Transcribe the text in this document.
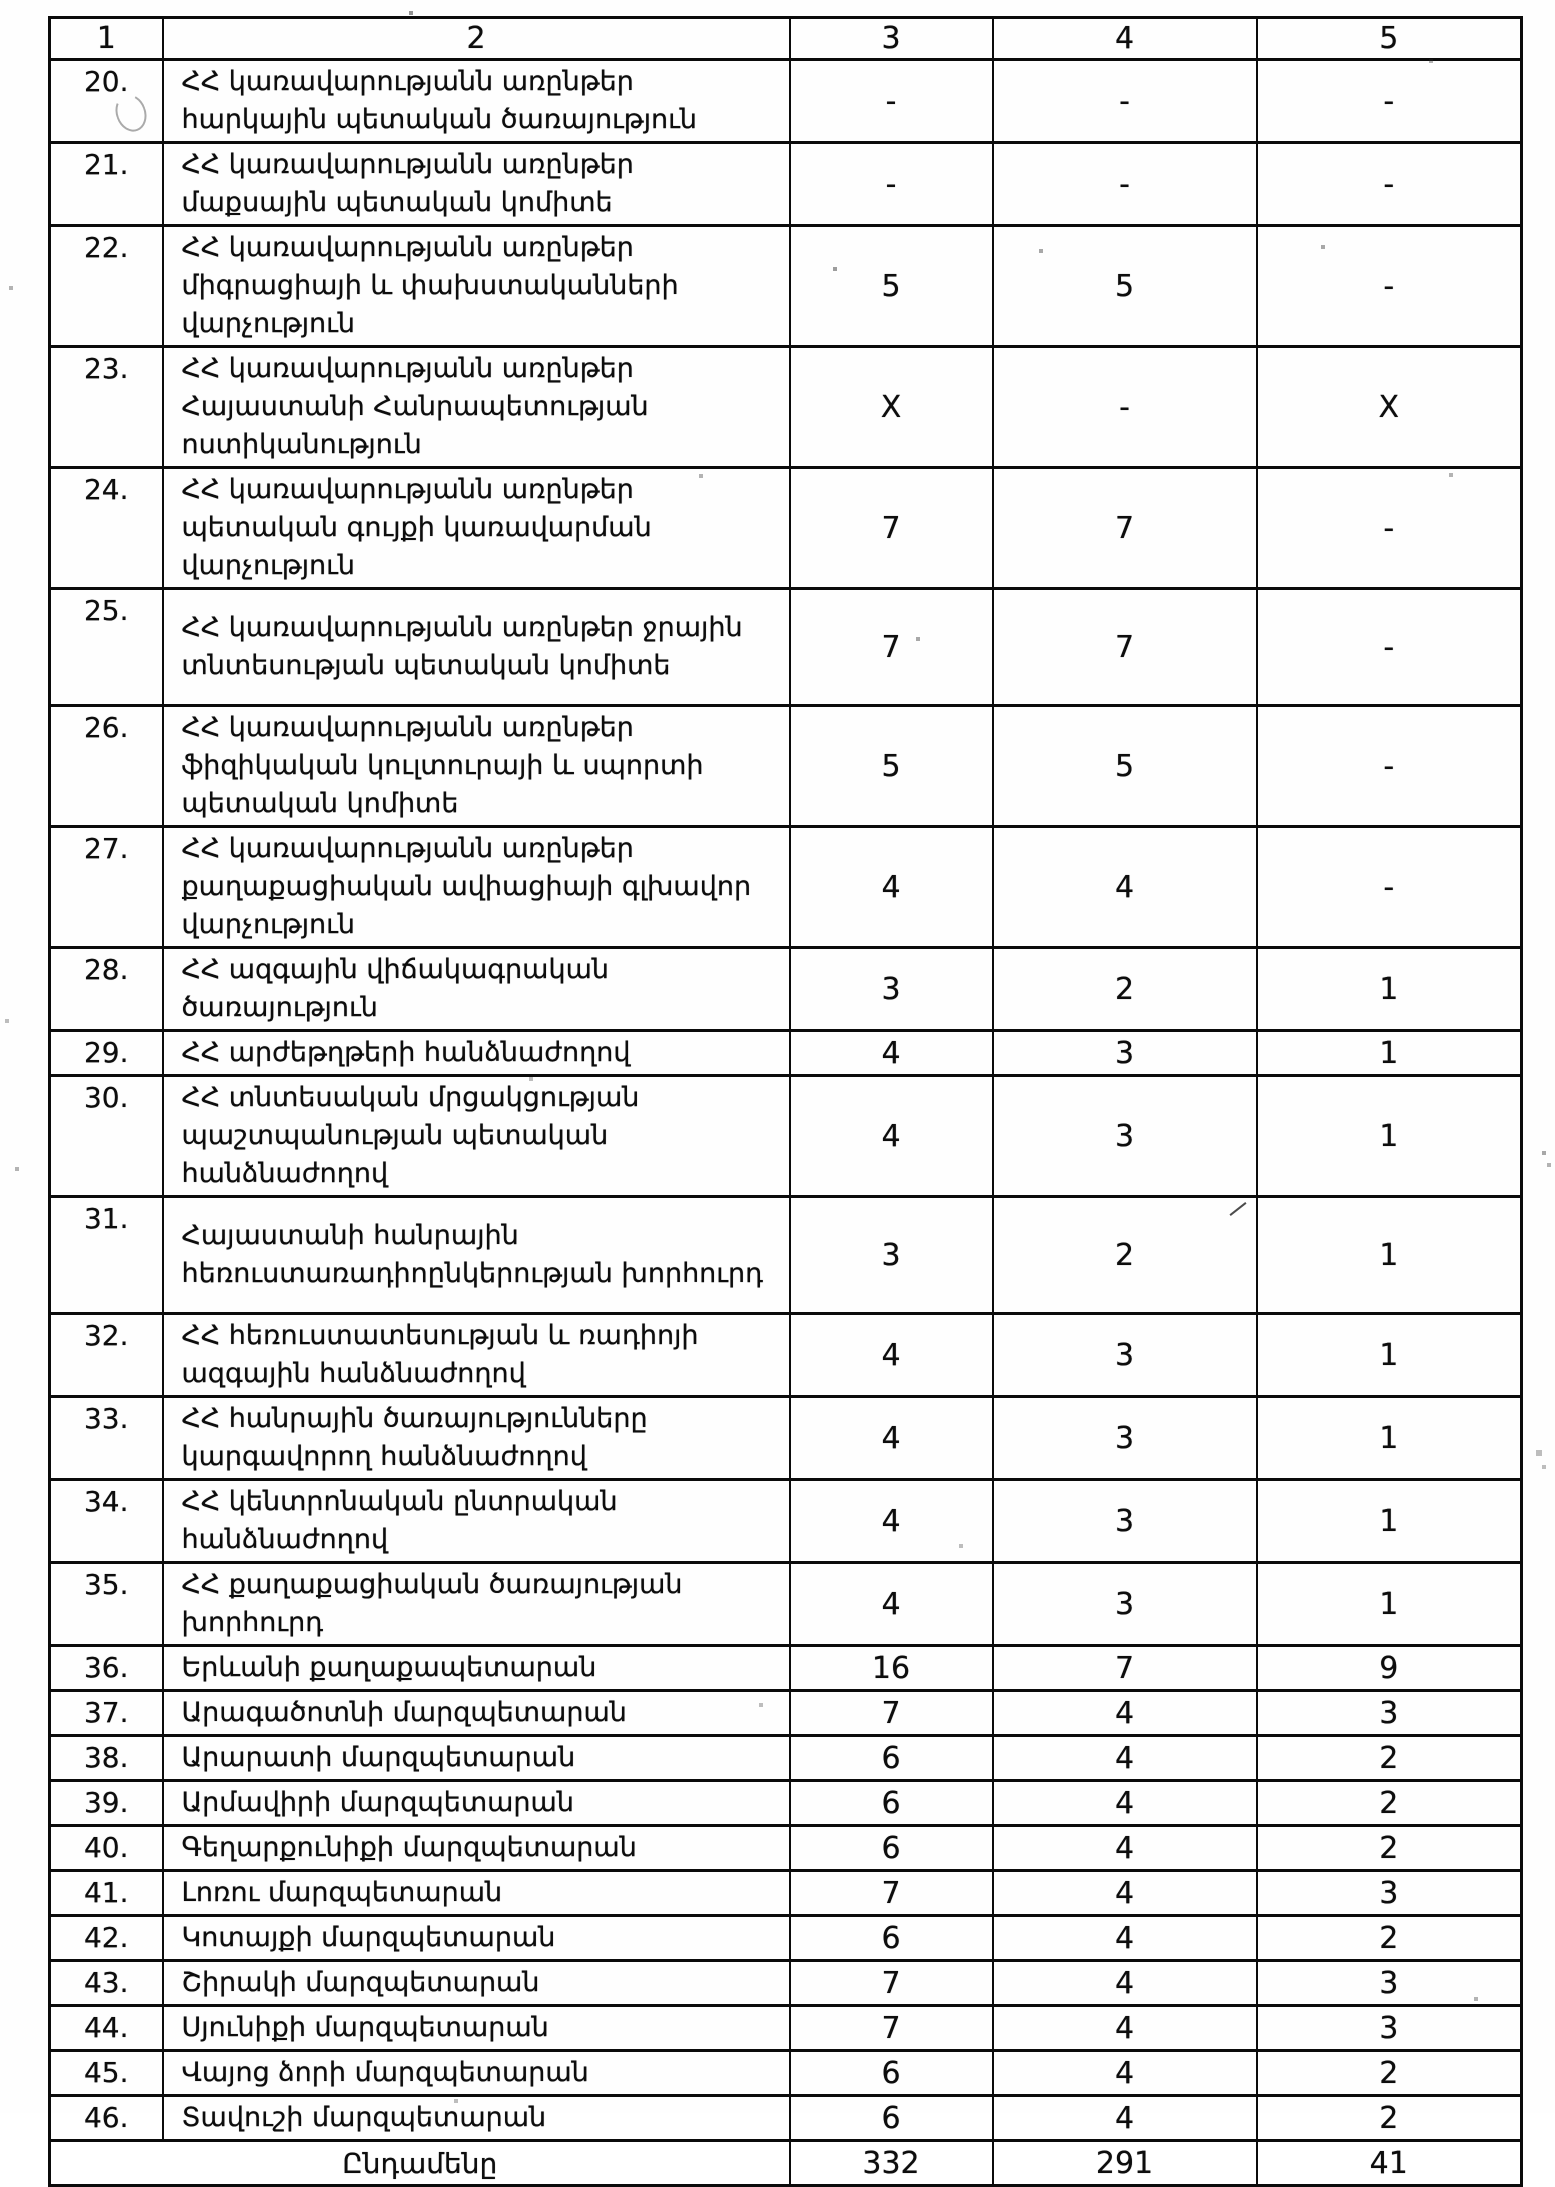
1	2	3	4	5
20.	ՀՀ կառավարությանն առընթեր հարկային պետական ծառայություն	-	-	-
21.	ՀՀ կառավարությանն առընթեր մաքսային պետական կոմիտե	-	-	-
22.	ՀՀ կառավարությանն առընթեր միգրացիայի և փախստականների վարչություն	5	5	-
23.	ՀՀ կառավարությանն առընթեր Հայաստանի Հանրապետության ոստիկանություն	X	-	X
24.	ՀՀ կառավարությանն առընթեր պետական գույքի կառավարման վարչություն	7	7	-
25.	ՀՀ կառավարությանն առընթեր ջրային տնտեսության պետական կոմիտե	7	7	-
26.	ՀՀ կառավարությանն առընթեր ֆիզիկական կուլտուրայի և սպորտի պետական կոմիտե	5	5	-
27.	ՀՀ կառավարությանն առընթեր քաղաքացիական ավիացիայի գլխավոր վարչություն	4	4	-
28.	ՀՀ ազգային վիճակագրական ծառայություն	3	2	1
29.	ՀՀ արժեթղթերի հանձնաժողով	4	3	1
30.	ՀՀ տնտեսական մրցակցության պաշտպանության պետական հանձնաժողով	4	3	1
31.	Հայաստանի հանրային հեռուստառադիոընկերության խորհուրդ	3	2	1
32.	ՀՀ հեռուստատեսության և ռադիոյի ազգային հանձնաժողով	4	3	1
33.	ՀՀ հանրային ծառայությունները կարգավորող հանձնաժողով	4	3	1
34.	ՀՀ կենտրոնական ընտրական հանձնաժողով	4	3	1
35.	ՀՀ քաղաքացիական ծառայության խորհուրդ	4	3	1
36.	Երևանի քաղաքապետարան	16	7	9
37.	Արագածոտնի մարզպետարան	7	4	3
38.	Արարատի մարզպետարան	6	4	2
39.	Արմավիրի մարզպետարան	6	4	2
40.	Գեղարքունիքի մարզպետարան	6	4	2
41.	Լոռու մարզպետարան	7	4	3
42.	Կոտայքի մարզպետարան	6	4	2
43.	Շիրակի մարզպետարան	7	4	3
44.	Սյունիքի մարզպետարան	7	4	3
45.	Վայոց ձորի մարզպետարան	6	4	2
46.	Տավուշի մարզպետարան	6	4	2
Ընդամենը		332	291	41
